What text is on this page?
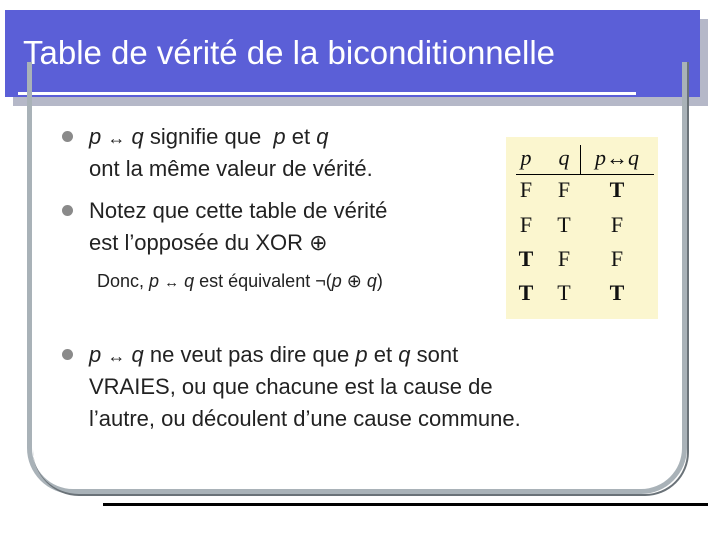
Table de vérité de la biconditionnelle
p ↔ q signifie que p et q
ont la même valeur de vérité.
Notez que cette table de vérité
est l’opposée du XOR ⊕
Donc, p ↔ q est équivalent ¬(p ⊕ q)
p ↔ q ne veut pas dire que p et q sont
VRAIES, ou que chacune est la cause de
l’autre, ou découlent d’une cause commune.
p q	p↔q
F F	T
F T	F
T F	F
T T	T
